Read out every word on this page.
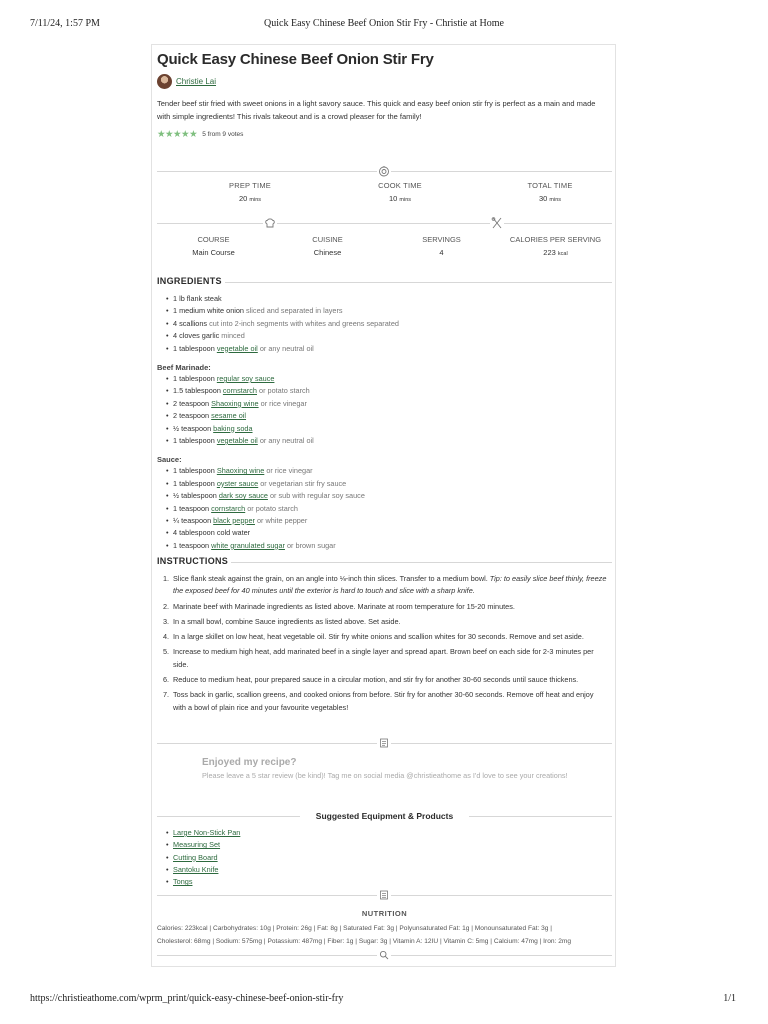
7/11/24, 1:57 PM	Quick Easy Chinese Beef Onion Stir Fry - Christie at Home
Quick Easy Chinese Beef Onion Stir Fry
Christie Lai

Tender beef stir fried with sweet onions in a light savory sauce. This quick and easy beef onion stir fry is perfect as a main and made with simple ingredients! This rivals takeout and is a crowd pleaser for the family!

★★★★★ 5 from 9 votes
PREP TIME
20 mins
COOK TIME
10 mins
TOTAL TIME
30 mins
COURSE
Main Course
CUISINE
Chinese
SERVINGS
4
CALORIES PER SERVING
223 kcal
INGREDIENTS
• 1 lb flank steak
• 1 medium white onion sliced and separated in layers
• 4 scallions cut into 2-inch segments with whites and greens separated
• 4 cloves garlic minced
• 1 tablespoon vegetable oil or any neutral oil
Beef Marinade:
• 1 tablespoon regular soy sauce
• 1.5 tablespoon cornstarch or potato starch
• 2 teaspoon Shaoxing wine or rice vinegar
• 2 teaspoon sesame oil
• ½ teaspoon baking soda
• 1 tablespoon vegetable oil or any neutral oil
Sauce:
• 1 tablespoon Shaoxing wine or rice vinegar
• 1 tablespoon oyster sauce or vegetarian stir fry sauce
• ½ tablespoon dark soy sauce or sub with regular soy sauce
• 1 teaspoon cornstarch or potato starch
• ¼ teaspoon black pepper or white pepper
• 4 tablespoon cold water
• 1 teaspoon white granulated sugar or brown sugar
INSTRUCTIONS
1. Slice flank steak against the grain, on an angle into ⅛-inch thin slices. Transfer to a medium bowl. Tip: to easily slice beef thinly, freeze the exposed beef for 40 minutes until the exterior is hard to touch and slice with a sharp knife.
2. Marinate beef with Marinade ingredients as listed above. Marinate at room temperature for 15-20 minutes.
3. In a small bowl, combine Sauce ingredients as listed above. Set aside.
4. In a large skillet on low heat, heat vegetable oil. Stir fry white onions and scallion whites for 30 seconds. Remove and set aside.
5. Increase to medium high heat, add marinated beef in a single layer and spread apart. Brown beef on each side for 2-3 minutes per side.
6. Reduce to medium heat, pour prepared sauce in a circular motion, and stir fry for another 30-60 seconds until sauce thickens.
7. Toss back in garlic, scallion greens, and cooked onions from before. Stir fry for another 30-60 seconds. Remove off heat and enjoy with a bowl of plain rice and your favourite vegetables!
Enjoyed my recipe?
Please leave a 5 star review (be kind)! Tag me on social media @christieathome as I'd love to see your creations!
Suggested Equipment & Products
• Large Non-Stick Pan
• Measuring Set
• Cutting Board
• Santoku Knife
• Tongs
NUTRITION
Calories: 223kcal | Carbohydrates: 10g | Protein: 26g | Fat: 8g | Saturated Fat: 3g | Polyunsaturated Fat: 1g | Monounsaturated Fat: 3g |
Cholesterol: 68mg | Sodium: 575mg | Potassium: 487mg | Fiber: 1g | Sugar: 3g | Vitamin A: 12IU | Vitamin C: 5mg | Calcium: 47mg | Iron: 2mg
https://christieathome.com/wprm_print/quick-easy-chinese-beef-onion-stir-fry	1/1
